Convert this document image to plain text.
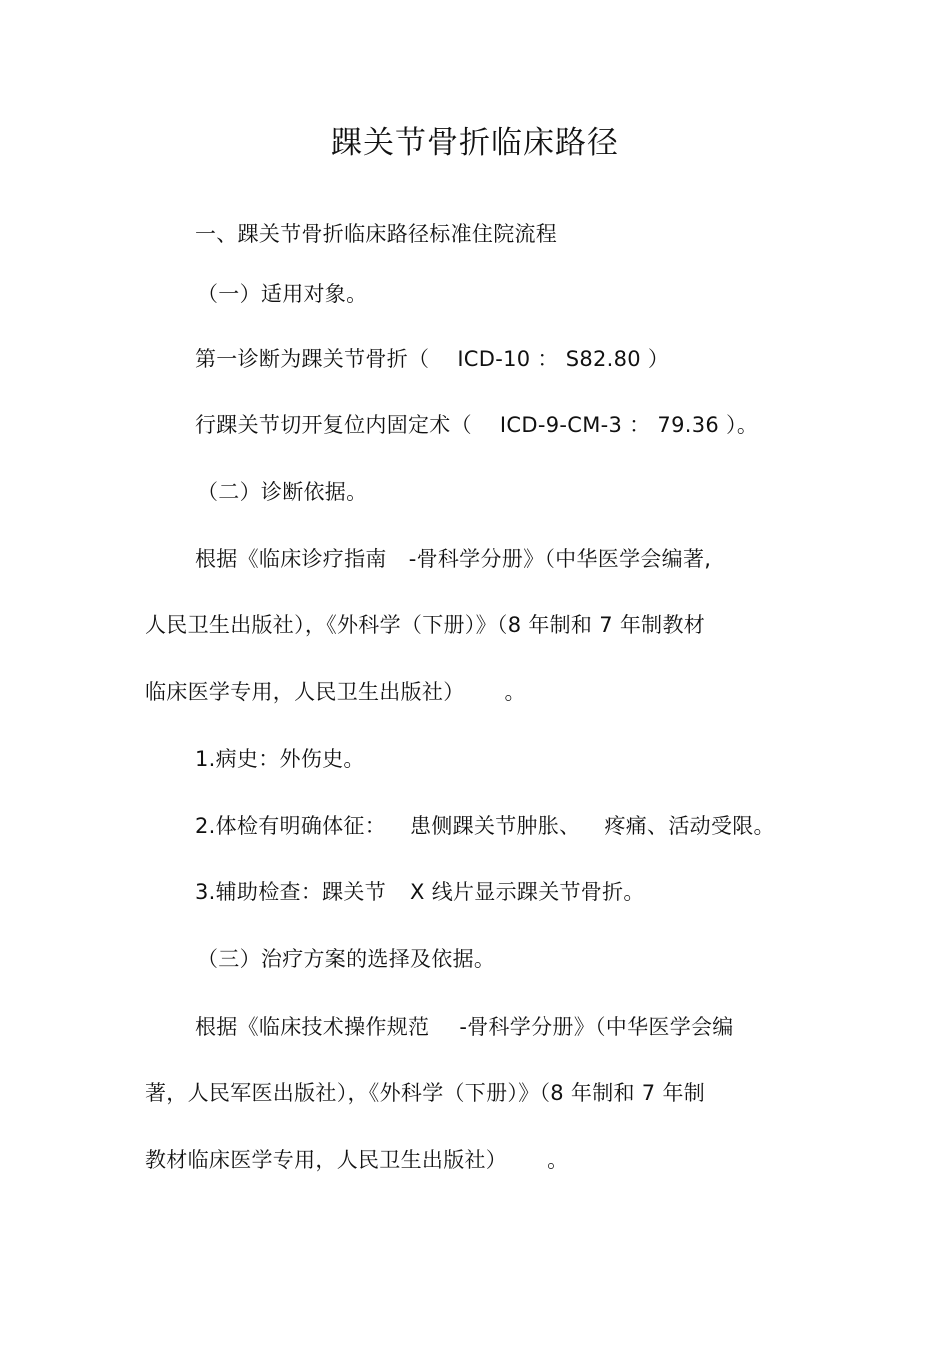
踝关节骨折临床路径
一、踝关节骨折临床路径标准住院流程
（一）适用对象。
第一诊断为踝关节骨折（ ICD-10 ： S82.80 ）
行踝关节切开复位内固定术（ ICD-9-CM-3 ： 79.36 ）。
（二）诊断依据。
根据《临床诊疗指南 -骨科学分册》（中华医学会编著,
人民卫生出版社），《外科学（下册）》（8 年制和 7 年制教材
临床医学专用，人民卫生出版社） 。
1.病史：外伤史。
2.体检有明确体征： 患侧踝关节肿胀、 疼痛、活动受限。
3.辅助检查：踝关节 X 线片显示踝关节骨折。
（三）治疗方案的选择及依据。
根据《临床技术操作规范 -骨科学分册》（中华医学会编
著，人民军医出版社），《外科学（下册）》（8 年制和 7 年制
教材临床医学专用，人民卫生出版社） 。
